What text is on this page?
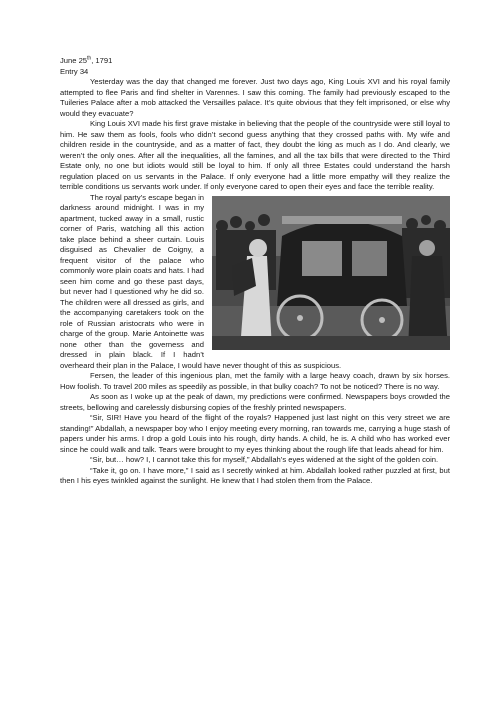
June 25th, 1791
Entry 34

Yesterday was the day that changed me forever. Just two days ago, King Louis XVI and his royal family attempted to flee Paris and find shelter in Varennes. I saw this coming. The family had previously escaped to the Tuileries Palace after a mob attacked the Versailles palace. It’s quite obvious that they felt imprisoned, or else why would they evacuate?

King Louis XVI made his first grave mistake in believing that the people of the countryside were still loyal to him. He saw them as fools, fools who didn’t second guess anything that they crossed paths with. My wife and children reside in the countryside, and as a matter of fact, they doubt the king as much as I do. And clearly, we weren’t the only ones. After all the inequalities, all the famines, and all the tax bills that were directed to the Third Estate only, no one but idiots would still be loyal to him. If only all three Estates could understand the harsh regulation placed on us servants in the Palace. If only everyone had a little more empathy will they realize the terrible conditions us servants work under. If only everyone cared to open their eyes and face the terrible reality.

The royal party’s escape began in darkness around midnight. I was in my apartment, tucked away in a small, rustic corner of Paris, watching all this action take place behind a sheer curtain. Louis disguised as Chevalier de Coigny, a frequent visitor of the palace who commonly wore plain coats and hats. I had seen him come and go these past days, but never had I questioned why he did so. The children were all dressed as girls, and the accompanying caretakers took on the role of Russian aristocrats who were in charge of the group. Marie Antoinette was none other than the governess and dressed in plain black. If I hadn’t overheard their plan in the Palace, I would have never thought of this as suspicious.

Fersen, the leader of this ingenious plan, met the family with a large heavy coach, drawn by six horses. How foolish. To travel 200 miles as speedily as possible, in that bulky coach? To not be noticed? There is no way.

As soon as I woke up at the peak of dawn, my predictions were confirmed. Newspapers boys crowded the streets, bellowing and carelessly disbursing copies of the freshly printed newspapers.

“Sir, SIR! Have you heard of the flight of the royals? Happened just last night on this very street we are standing!” Abdallah, a newspaper boy who I enjoy meeting every morning, ran towards me, carrying a huge stash of papers under his arms. I drop a gold Louis into his rough, dirty hands. A child, he is. A child who has worked ever since he could walk and talk. Tears were brought to my eyes thinking about the rough life that leads ahead for him.

“Sir, but… how? I, I cannot take this for myself,” Abdallah’s eyes widened at the sight of the golden coin.

“Take it, go on. I have more,” I said as I secretly winked at him. Abdallah looked rather puzzled at first, but then I his eyes twinkled against the sunlight. He knew that I had stolen them from the Palace.
